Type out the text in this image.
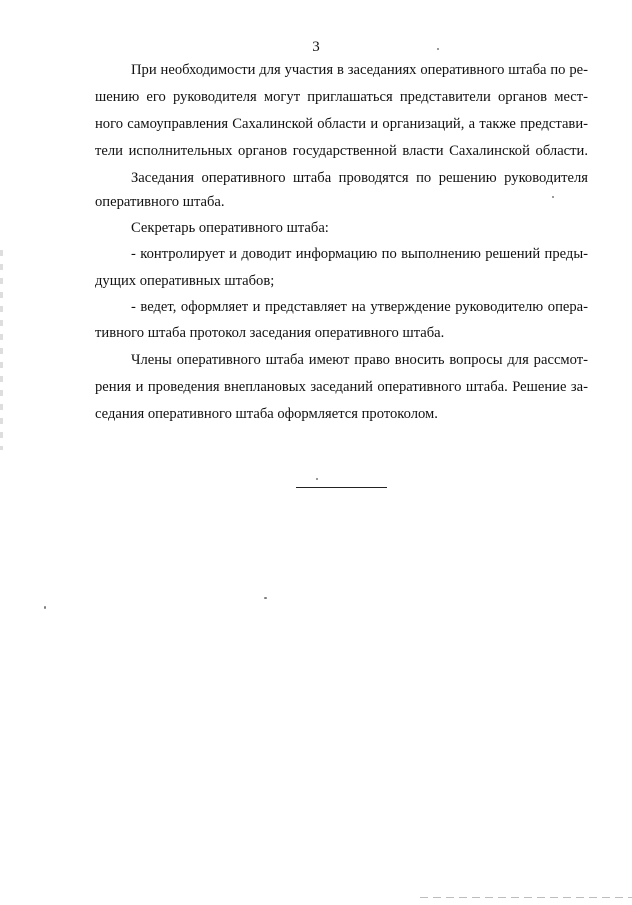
3
При необходимости для участия в заседаниях оперативного штаба по ре-
шению его руководителя могут приглашаться представители органов мест-
ного самоуправления Сахалинской области и организаций, а также представи-
тели исполнительных органов государственной власти Сахалинской области.
Заседания оперативного штаба проводятся по решению руководителя
оперативного штаба.
Секретарь оперативного штаба:
- контролирует и доводит информацию по выполнению решений преды-
дущих оперативных штабов;
- ведет, оформляет и представляет на утверждение руководителю опера-
тивного штаба протокол заседания оперативного штаба.
Члены оперативного штаба имеют право вносить вопросы для рассмот-
рения и проведения внеплановых заседаний оперативного штаба. Решение за-
седания оперативного штаба оформляется протоколом.
